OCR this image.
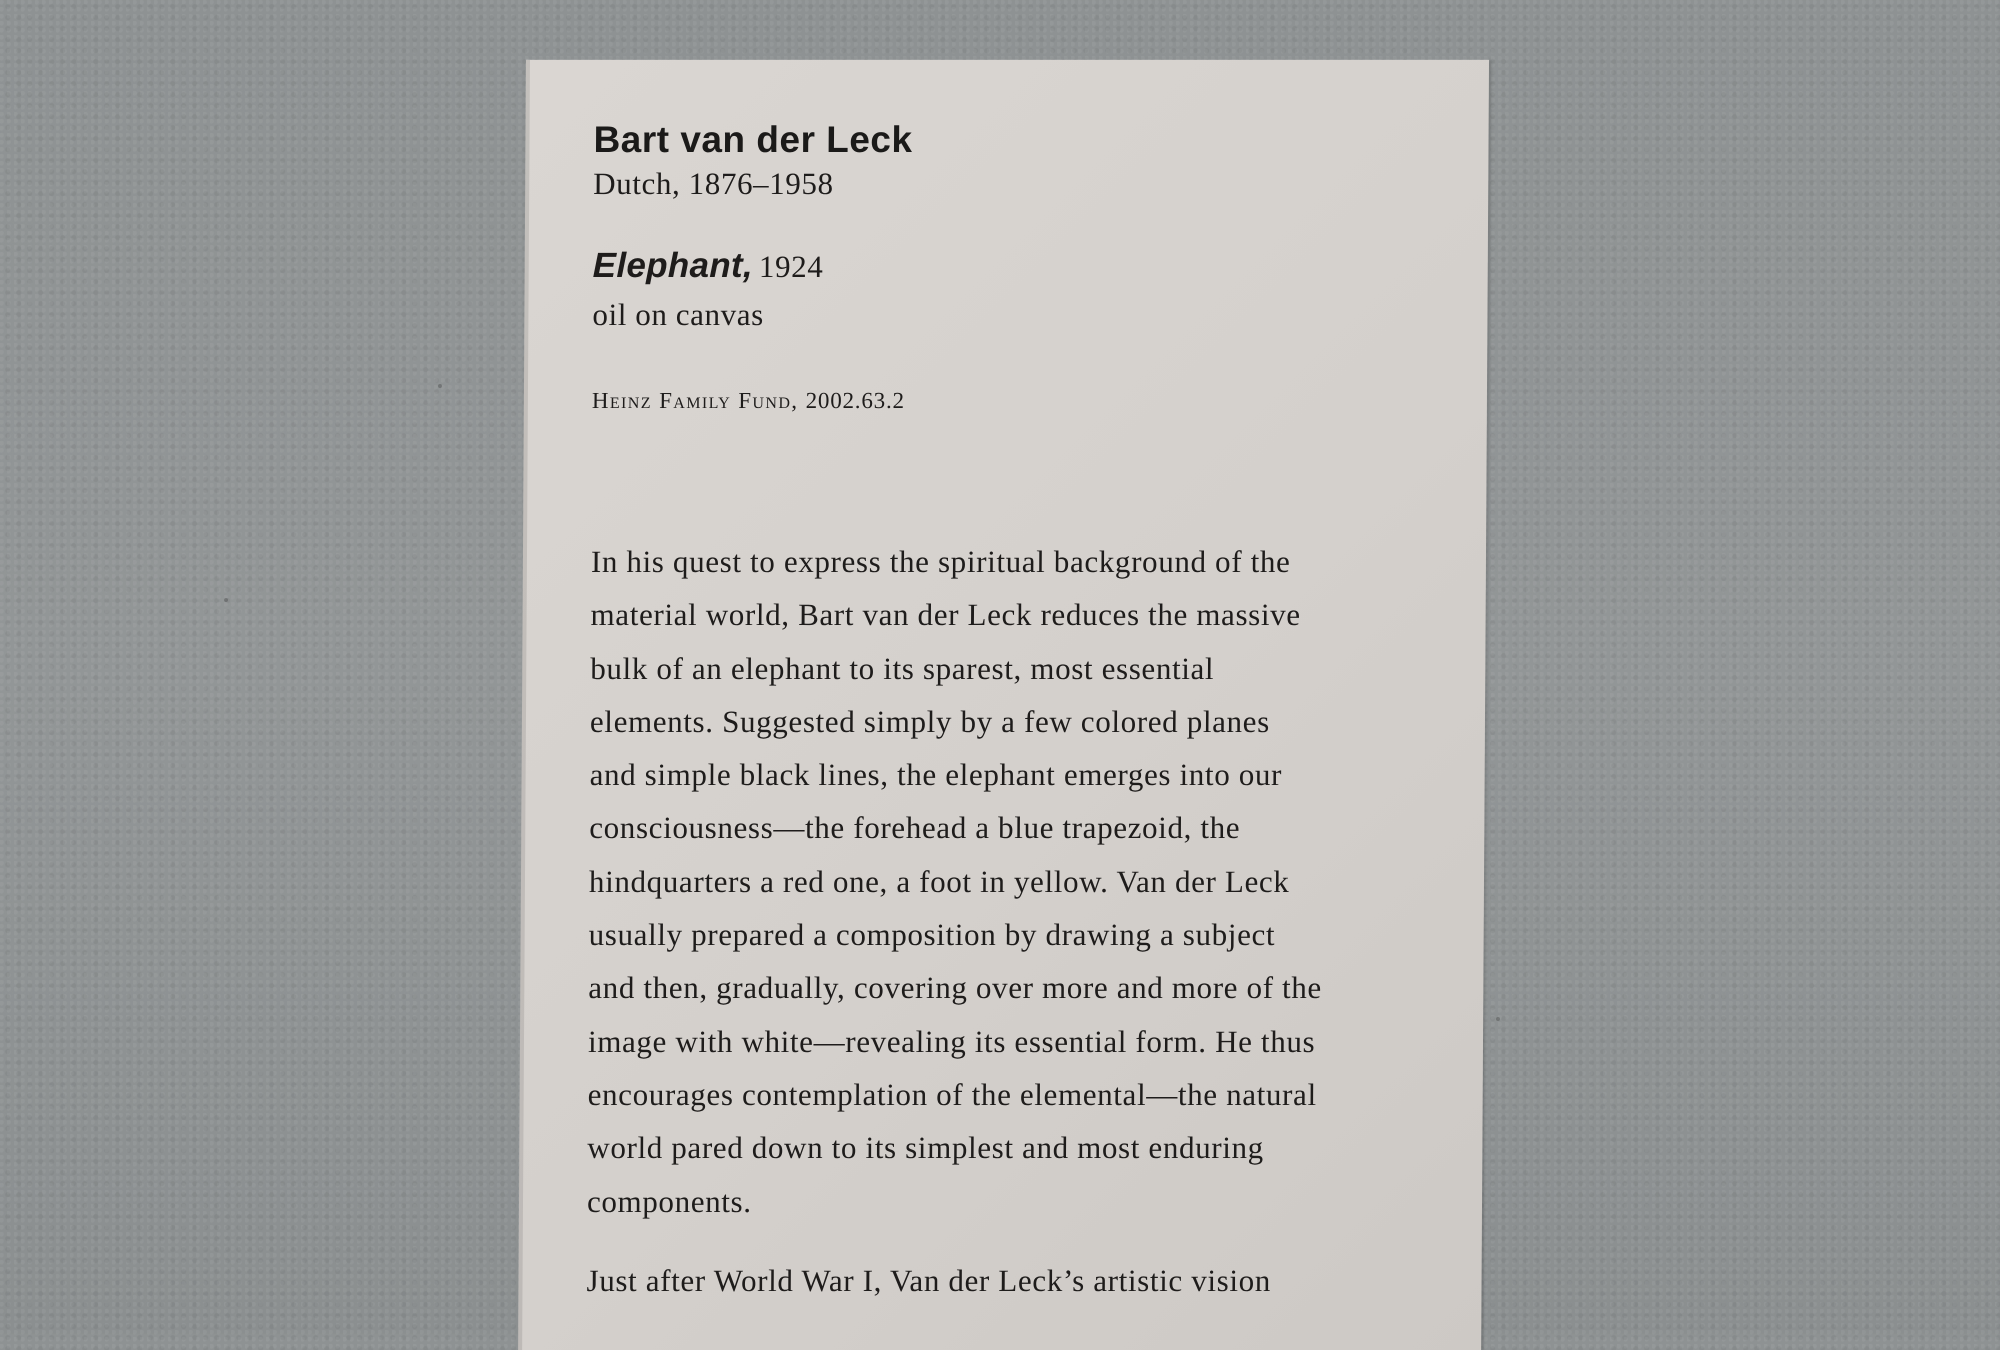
Bart van der Leck

Dutch, 1876–1958

Elephant, 1924

oil on canvas

Heinz Family Fund, 2002.63.2

In his quest to express the spiritual background of the
material world, Bart van der Leck reduces the massive
bulk of an elephant to its sparest, most essential
elements. Suggested simply by a few colored planes
and simple black lines, the elephant emerges into our
consciousness—the forehead a blue trapezoid, the
hindquarters a red one, a foot in yellow. Van der Leck
usually prepared a composition by drawing a subject
and then, gradually, covering over more and more of the
image with white—revealing its essential form. He thus
encourages contemplation of the elemental—the natural
world pared down to its simplest and most enduring
components.
Just after World War I, Van der Leck’s artistic vision
